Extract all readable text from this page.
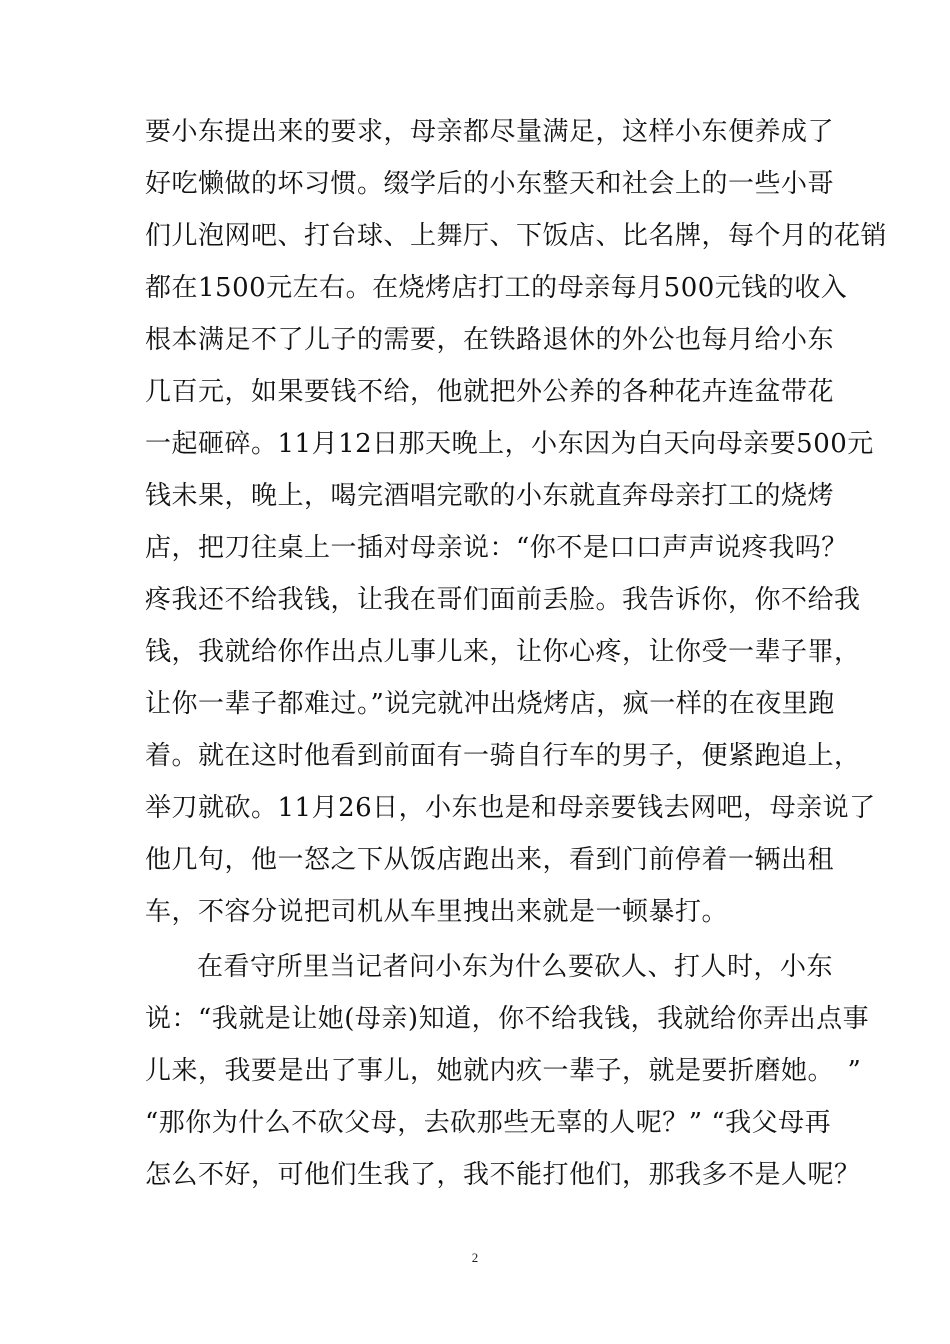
要小东提出来的要求，母亲都尽量满足，这样小东便养成了
好吃懒做的坏习惯。缀学后的小东整天和社会上的一些小哥
们儿泡网吧、打台球、上舞厅、下饭店、比名牌，每个月的花销
都在1500元左右。在烧烤店打工的母亲每月500元钱的收入
根本满足不了儿子的需要，在铁路退休的外公也每月给小东
几百元，如果要钱不给，他就把外公养的各种花卉连盆带花
一起砸碎。11月12日那天晚上，小东因为白天向母亲要500元
钱未果，晚上，喝完酒唱完歌的小东就直奔母亲打工的烧烤
店，把刀往桌上一插对母亲说：“你不是口口声声说疼我吗？
疼我还不给我钱，让我在哥们面前丢脸。我告诉你，你不给我
钱，我就给你作出点儿事儿来，让你心疼，让你受一辈子罪，
让你一辈子都难过。”说完就冲出烧烤店，疯一样的在夜里跑
着。就在这时他看到前面有一骑自行车的男子，便紧跑追上，
举刀就砍。11月26日，小东也是和母亲要钱去网吧，母亲说了
他几句，他一怒之下从饭店跑出来，看到门前停着一辆出租
车，不容分说把司机从车里拽出来就是一顿暴打。
在看守所里当记者问小东为什么要砍人、打人时，小东
说：“我就是让她(母亲)知道，你不给我钱，我就给你弄出点事
儿来，我要是出了事儿，她就内疚一辈子，就是要折磨她。　”
“那你为什么不砍父母，去砍那些无辜的人呢？” “我父母再
怎么不好，可他们生我了，我不能打他们，那我多不是人呢？
2
